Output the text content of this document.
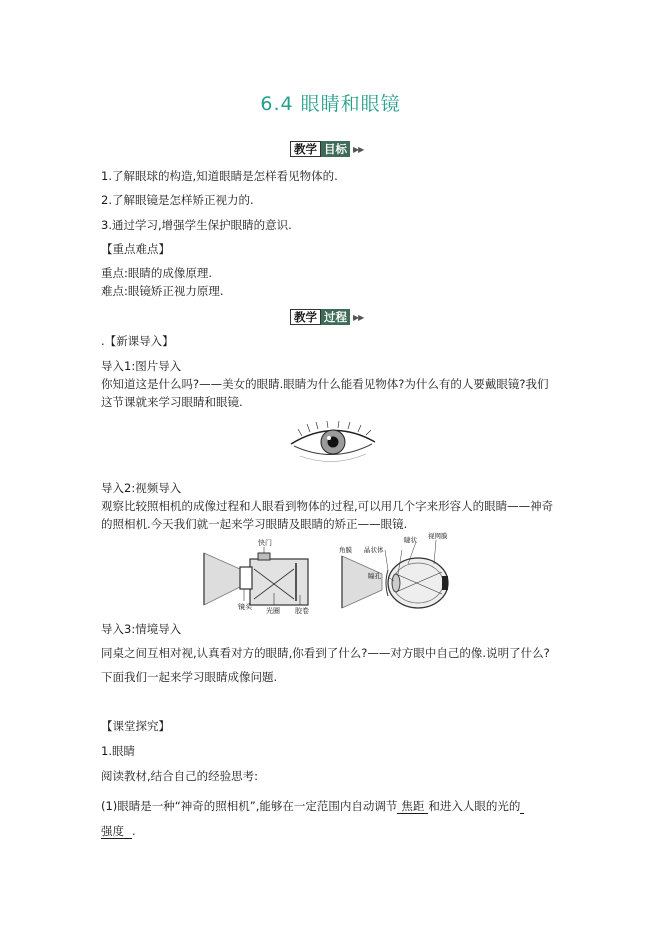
6.4 眼睛和眼镜
教学 目标 ▶▶
1.了解眼球的构造,知道眼睛是怎样看见物体的.
2.了解眼镜是怎样矫正视力的.
3.通过学习,增强学生保护眼睛的意识.
【重点难点】
重点:眼睛的成像原理.
难点:眼镜矫正视力原理.
教学 过程 ▶▶
.【新课导入】
导入1:图片导入
你知道这是什么吗?——美女的眼睛.眼睛为什么能看见物体?为什么有的人要戴眼镜?我们
这节课就来学习眼睛和眼镜.
导入2:视频导入
观察比较照相机的成像过程和人眼看到物体的过程,可以用几个字来形容人的眼睛——神奇
的照相机.今天我们就一起来学习眼睛及眼睛的矫正——眼镜.
快门
镜头 光圈 胶卷
角膜 晶状体
睫状 视网膜
瞳孔
导入3:情境导入
同桌之间互相对视,认真看对方的眼睛,你看到了什么?——对方眼中自己的像.说明了什么?
下面我们一起来学习眼睛成像问题.
【课堂探究】
1.眼睛
阅读教材,结合自己的经验思考:
(1)眼睛是一种“神奇的照相机”,能够在一定范围内自动调节 焦距 和进入人眼的光的
强度 .
